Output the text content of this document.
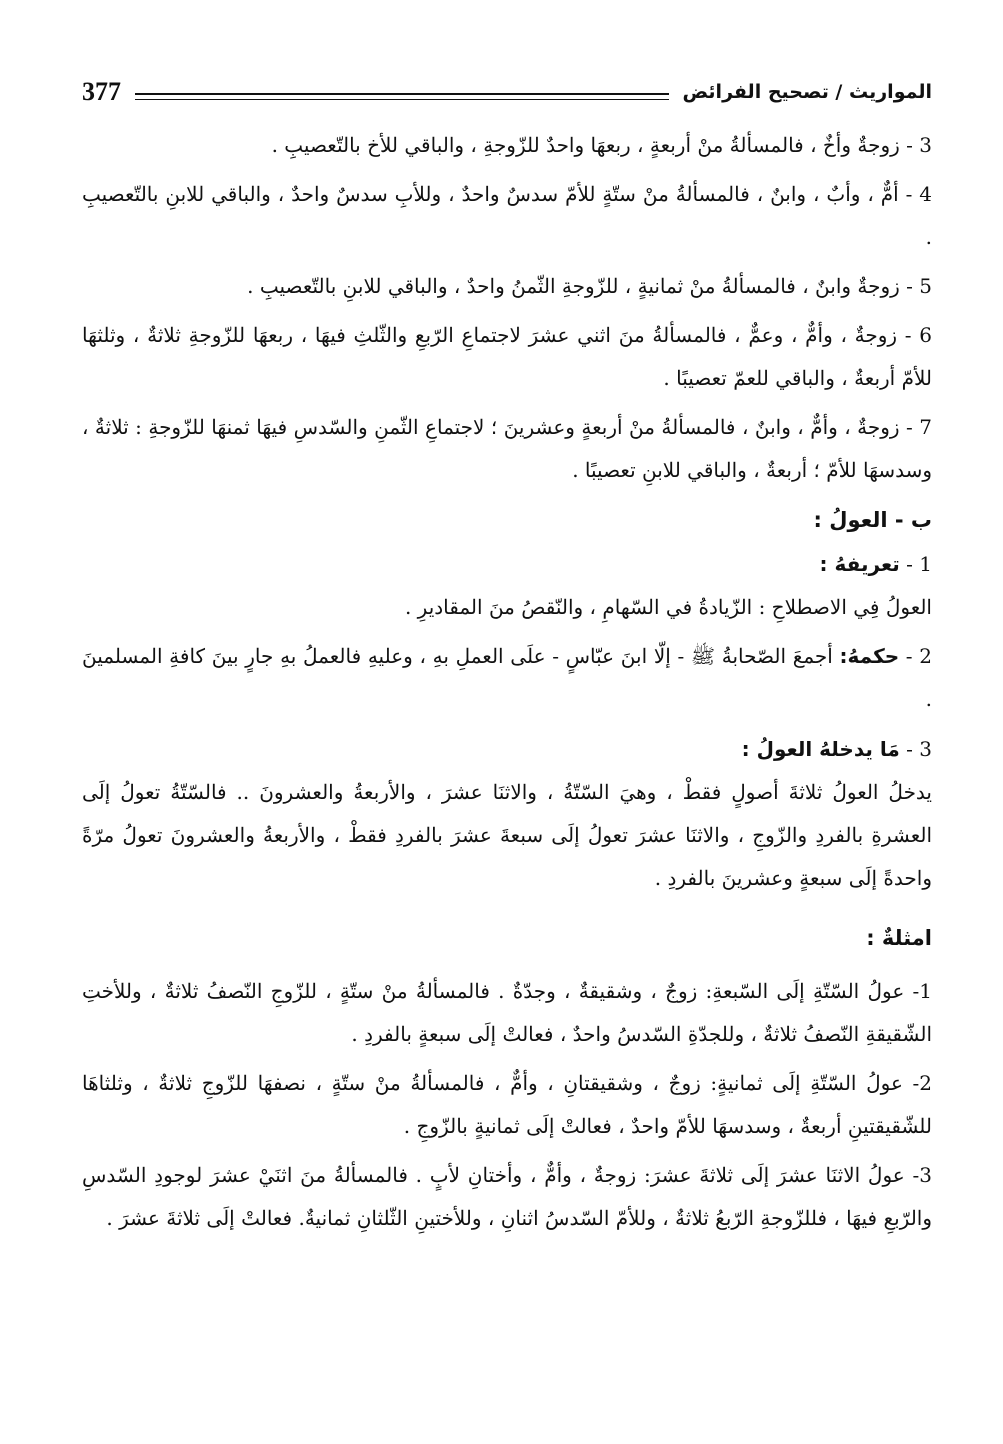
المواريث / تصحيح الفرائض
377

3 - زوجةٌ وأخٌ ، فالمسألةُ منْ أربعةٍ ، ربعهَا واحدٌ للزّوجةِ ، والباقي للأخ بالتّعصيبِ .

4 - أمٌّ ، وأبٌ ، وابنٌ ، فالمسألةُ منْ ستّةٍ للأمّ سدسٌ واحدٌ ، وللأبِ سدسٌ واحدٌ ، والباقي للابنِ بالتّعصيبِ .

5 - زوجةٌ وابنٌ ، فالمسألةُ منْ ثمانيةٍ ، للزّوجةِ الثّمنُ واحدٌ ، والباقي للابنِ بالتّعصيبِ .

6 - زوجةٌ ، وأمٌّ ، وعمٌّ ، فالمسألةُ منَ اثني عشرَ لاجتماعِ الرّبعِ والثّلثِ فيهَا ، ربعهَا للزّوجةِ ثلاثةٌ ، وثلثهَا للأمّ أربعةٌ ، والباقي للعمّ تعصيبًا .

7 - زوجةٌ ، وأمٌّ ، وابنٌ ، فالمسألةُ منْ أربعةٍ وعشرينَ ؛ لاجتماعِ الثّمنِ والسّدسِ فيهَا ثمنهَا للزّوجةِ : ثلاثةٌ ، وسدسهَا للأمّ ؛ أربعةٌ ، والباقي للابنِ تعصيبًا .

ب - العولُ :

1 - تعريفهُ :

العولُ فِي الاصطلاحِ : الزّيادةُ في السّهامِ ، والنّقصُ منَ المقاديرِ .

2 - حكمهُ: أجمعَ الصّحابةُ ﷺ - إلّا ابنَ عبّاسٍ - علَى العملِ بهِ ، وعليهِ فالعملُ بهِ جارٍ بينَ كافةِ المسلمينَ .

3 - مَا يدخلهُ العولُ :

يدخلُ العولُ ثلاثةَ أصولٍ فقطْ ، وهيَ السّتّةُ ، والاثنَا عشرَ ، والأربعةُ والعشرونَ .. فالسّتّةُ تعولُ إلَى العشرةِ بالفردِ والزّوجِ ، والاثنَا عشرَ تعولُ إلَى سبعةَ عشرَ بالفردِ فقطْ ، والأربعةُ والعشرونَ تعولُ مرّةً واحدةً إلَى سبعةٍ وعشرينَ بالفردِ .

امثلةٌ :

1- عولُ السّتّةِ إلَى السّبعةِ: زوجٌ ، وشقيقةٌ ، وجدّةٌ . فالمسألةُ منْ ستّةٍ ، للزّوجِ النّصفُ ثلاثةٌ ، وللأختِ الشّقيقةِ النّصفُ ثلاثةٌ ، وللجدّةِ السّدسُ واحدٌ ، فعالتْ إلَى سبعةٍ بالفردِ .

2- عولُ السّتّةِ إلَى ثمانيةٍ: زوجٌ ، وشقيقتانِ ، وأمٌّ ، فالمسألةُ منْ ستّةٍ ، نصفهَا للزّوجِ ثلاثةٌ ، وثلثاهَا للشّقيقتينِ أربعةٌ ، وسدسهَا للأمّ واحدٌ ، فعالتْ إلَى ثمانيةٍ بالزّوجِ .

3- عولُ الاثنَا عشرَ إلَى ثلاثةَ عشرَ: زوجةٌ ، وأمٌّ ، وأختانِ لأبٍ . فالمسألةُ منَ اثنَيْ عشرَ لوجودِ السّدسِ والرّبعِ فيهَا ، فللزّوجةِ الرّبعُ ثلاثةٌ ، وللأمّ السّدسُ اثنانِ ، وللأختينِ الثّلثانِ ثمانيةٌ. فعالتْ إلَى ثلاثةَ عشرَ .
